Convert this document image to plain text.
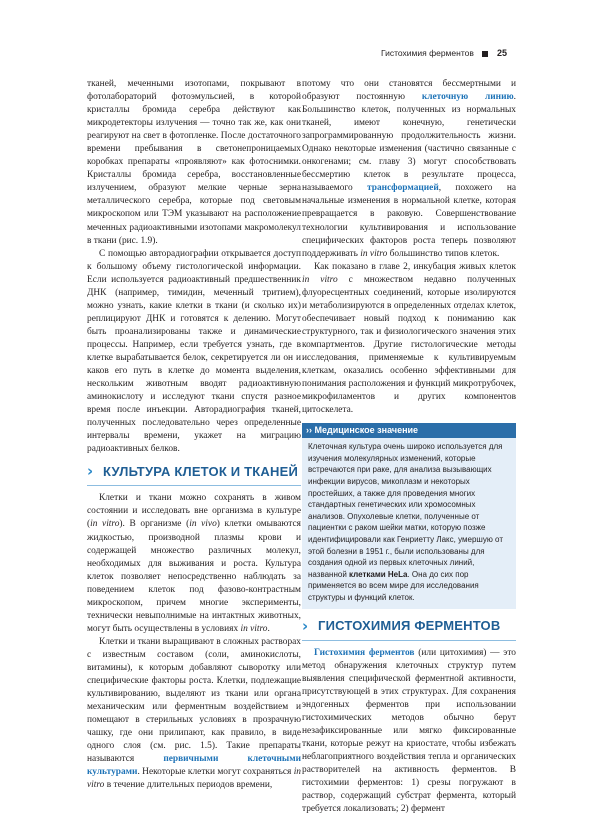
Гистохимия ферментов	25

тканей, меченными изотопами, покрывают в фотолабораторий фотоэмульсией, в которой кристаллы бромида серебра действуют как микродетекторы излучения — точно так же, как они реагируют на свет в фотопленке. После достаточного времени пребывания в светонепроницаемых коробках препараты «проявляют» как фотоснимки. Кристаллы бромида серебра, восстановленные излучением, образуют мелкие черные зерна металлического серебра, которые под световым микроскопом или ТЭМ указывают на расположение меченных радиоактивными изотопами макромолекул в ткани (рис. 1.9).

С помощью авторадиографии открывается доступ к большому объему гистологической информации. Если используется радиоактивный предшественник ДНК (например, тимидин, меченный тритием), можно узнать, какие клетки в ткани (и сколько их) реплицируют ДНК и готовятся к делению. Могут быть проанализированы также и динамические процессы. Например, если требуется узнать, где в клетке вырабатывается белок, секретируется ли он и каков его путь в клетке до момента выделения, нескольким животным вводят радиоактивную аминокислоту и исследуют ткани спустя разное время после инъекции. Авторадиография тканей, полученных последовательно через определенные интервалы времени, укажет на миграцию радиоактивных белков.

› КУЛЬТУРА КЛЕТОК И ТКАНЕЙ

Клетки и ткани можно сохранять в живом состоянии и исследовать вне организма в культуре (in vitro). В организме (in vivo) клетки омываются жидкостью, производной плазмы крови и содержащей множество различных молекул, необходимых для выживания и роста. Культура клеток позволяет непосредственно наблюдать за поведением клеток под фазово-контрастным микроскопом, причем многие эксперименты, технически невыполнимые на интактных животных, могут быть осуществлены в условиях in vitro.

Клетки и ткани выращивают в сложных растворах с известным составом (соли, аминокислоты, витамины), к которым добавляют сыворотку или специфические факторы роста. Клетки, подлежащие культивированию, выделяют из ткани или органа механическим или ферментным воздействием и помещают в стерильных условиях в прозрачную чашку, где они прилипают, как правило, в виде одного слоя (см. рис. 1.5). Такие препараты называются первичными клеточными культурами. Некоторые клетки могут сохраняться in vitro в течение длительных периодов времени,

потому что они становятся бессмертными и образуют постоянную клеточную линию. Большинство клеток, полученных из нормальных тканей, имеют конечную, генетически запрограммированную продолжительность жизни. Однако некоторые изменения (частично связанные с онкогенами; см. главу 3) могут способствовать бессмертию клеток в результате процесса, называемого трансформацией, похожего на начальные изменения в нормальной клетке, которая превращается в раковую. Совершенствование технологии культивирования и использование специфических факторов роста теперь позволяют поддерживать in vitro большинство типов клеток.

Как показано в главе 2, инкубация живых клеток in vitro с множеством недавно полученных флуоресцентных соединений, которые изолируются и метаболизируются в определенных отделах клеток, обеспечивает новый подход к пониманию как структурного, так и физиологического значения этих компартментов. Другие гистологические методы исследования, применяемые к культивируемым клеткам, оказались особенно эффективными для понимания расположения и функций микротрубочек, микрофиламентов и других компонентов цитоскелета.

›› Медицинское значение
Клеточная культура очень широко используется для изучения молекулярных изменений, которые встречаются при раке, для анализа вызывающих инфекции вирусов, микоплазм и некоторых простейших, а также для проведения многих стандартных генетических или хромосомных анализов. Опухолевые клетки, полученные от пациентки с раком шейки матки, которую позже идентифицировали как Генриетту Лакс, умершую от этой болезни в 1951 г., были использованы для создания одной из первых клеточных линий, названной клетками HeLa. Она до сих пор применяется во всем мире для исследования структуры и функций клеток.
› ГИСТОХИМИЯ ФЕРМЕНТОВ

Гистохимия ферментов (или цитохимия) — это метод обнаружения клеточных структур путем выявления специфической ферментной активности, присутствующей в этих структурах. Для сохранения эндогенных ферментов при использовании гистохимических методов обычно берут незафиксированные или мягко фиксированные ткани, которые режут на криостате, чтобы избежать неблагоприятного воздействия тепла и органических растворителей на активность ферментов. В гистохимии ферментов: 1) срезы погружают в раствор, содержащий субстрат фермента, который требуется локализовать; 2) фермент
